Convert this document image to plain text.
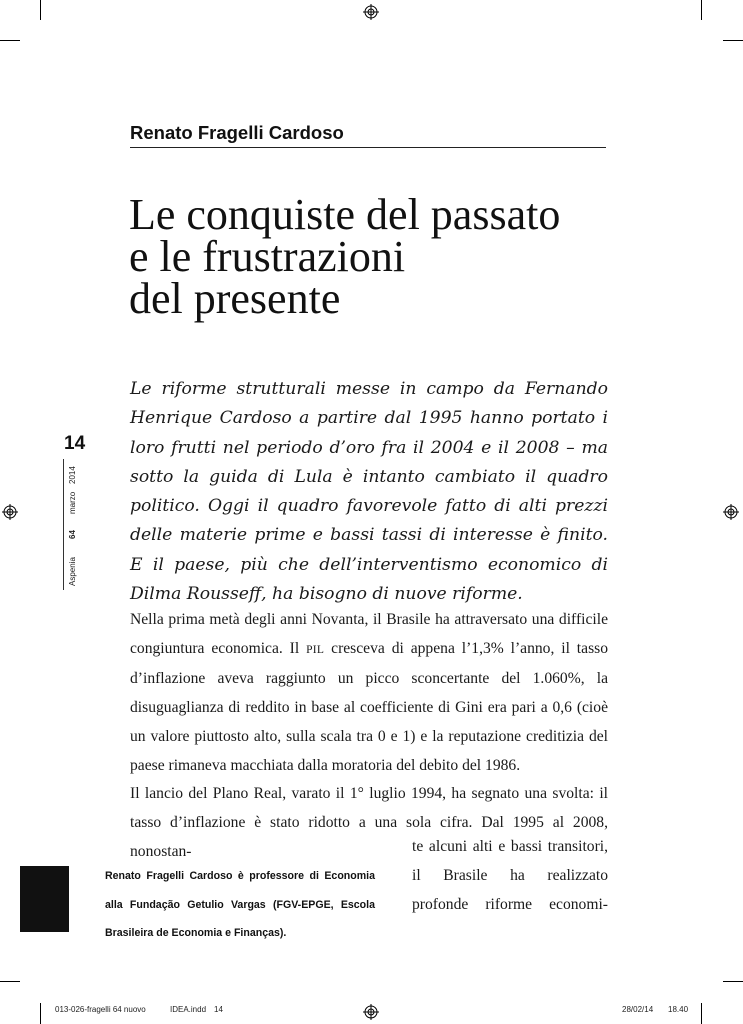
Renato Fragelli Cardoso
Le conquiste del passato
e le frustrazioni
del presente
Le riforme strutturali messe in campo da Fernando Henrique Cardoso a partire dal 1995 hanno portato i loro frutti nel periodo d’oro fra il 2004 e il 2008 – ma sotto la guida di Lula è intanto cambiato il quadro politico. Oggi il quadro favorevole fatto di alti prezzi delle materie prime e bassi tassi di interesse è finito. E il paese, più che dell’interventismo economico di Dilma Rousseff, ha bisogno di nuove riforme.
14
2014
marzo
64
Aspenia

Nella prima metà degli anni Novanta, il Brasile ha attraversato una difficile congiuntura economica. Il PIL cresceva di appena l’1,3% l’anno, il tasso d’inflazione aveva raggiunto un picco sconcertante del 1.060%, la disuguaglianza di reddito in base al coefficiente di Gini era pari a 0,6 (cioè un valore piuttosto alto, sulla scala tra 0 e 1) e la reputazione creditizia del paese rimaneva macchiata dalla moratoria del debito del 1986.

Il lancio del Plano Real, varato il 1° luglio 1994, ha segnato una svolta: il tasso d’inflazione è stato ridotto a una sola cifra. Dal 1995 al 2008, nonostan-	te alcuni alti e bassi transitori, il Brasile ha realizzato profonde riforme economi-

Renato Fragelli Cardoso è professore di Economia alla Fundação Getulio Vargas (FGV-EPGE, Escola Brasileira de Economia e Finanças).
013-026-fragelli 64 nuovo	IDEA.indd 14	28/02/14 18.40
